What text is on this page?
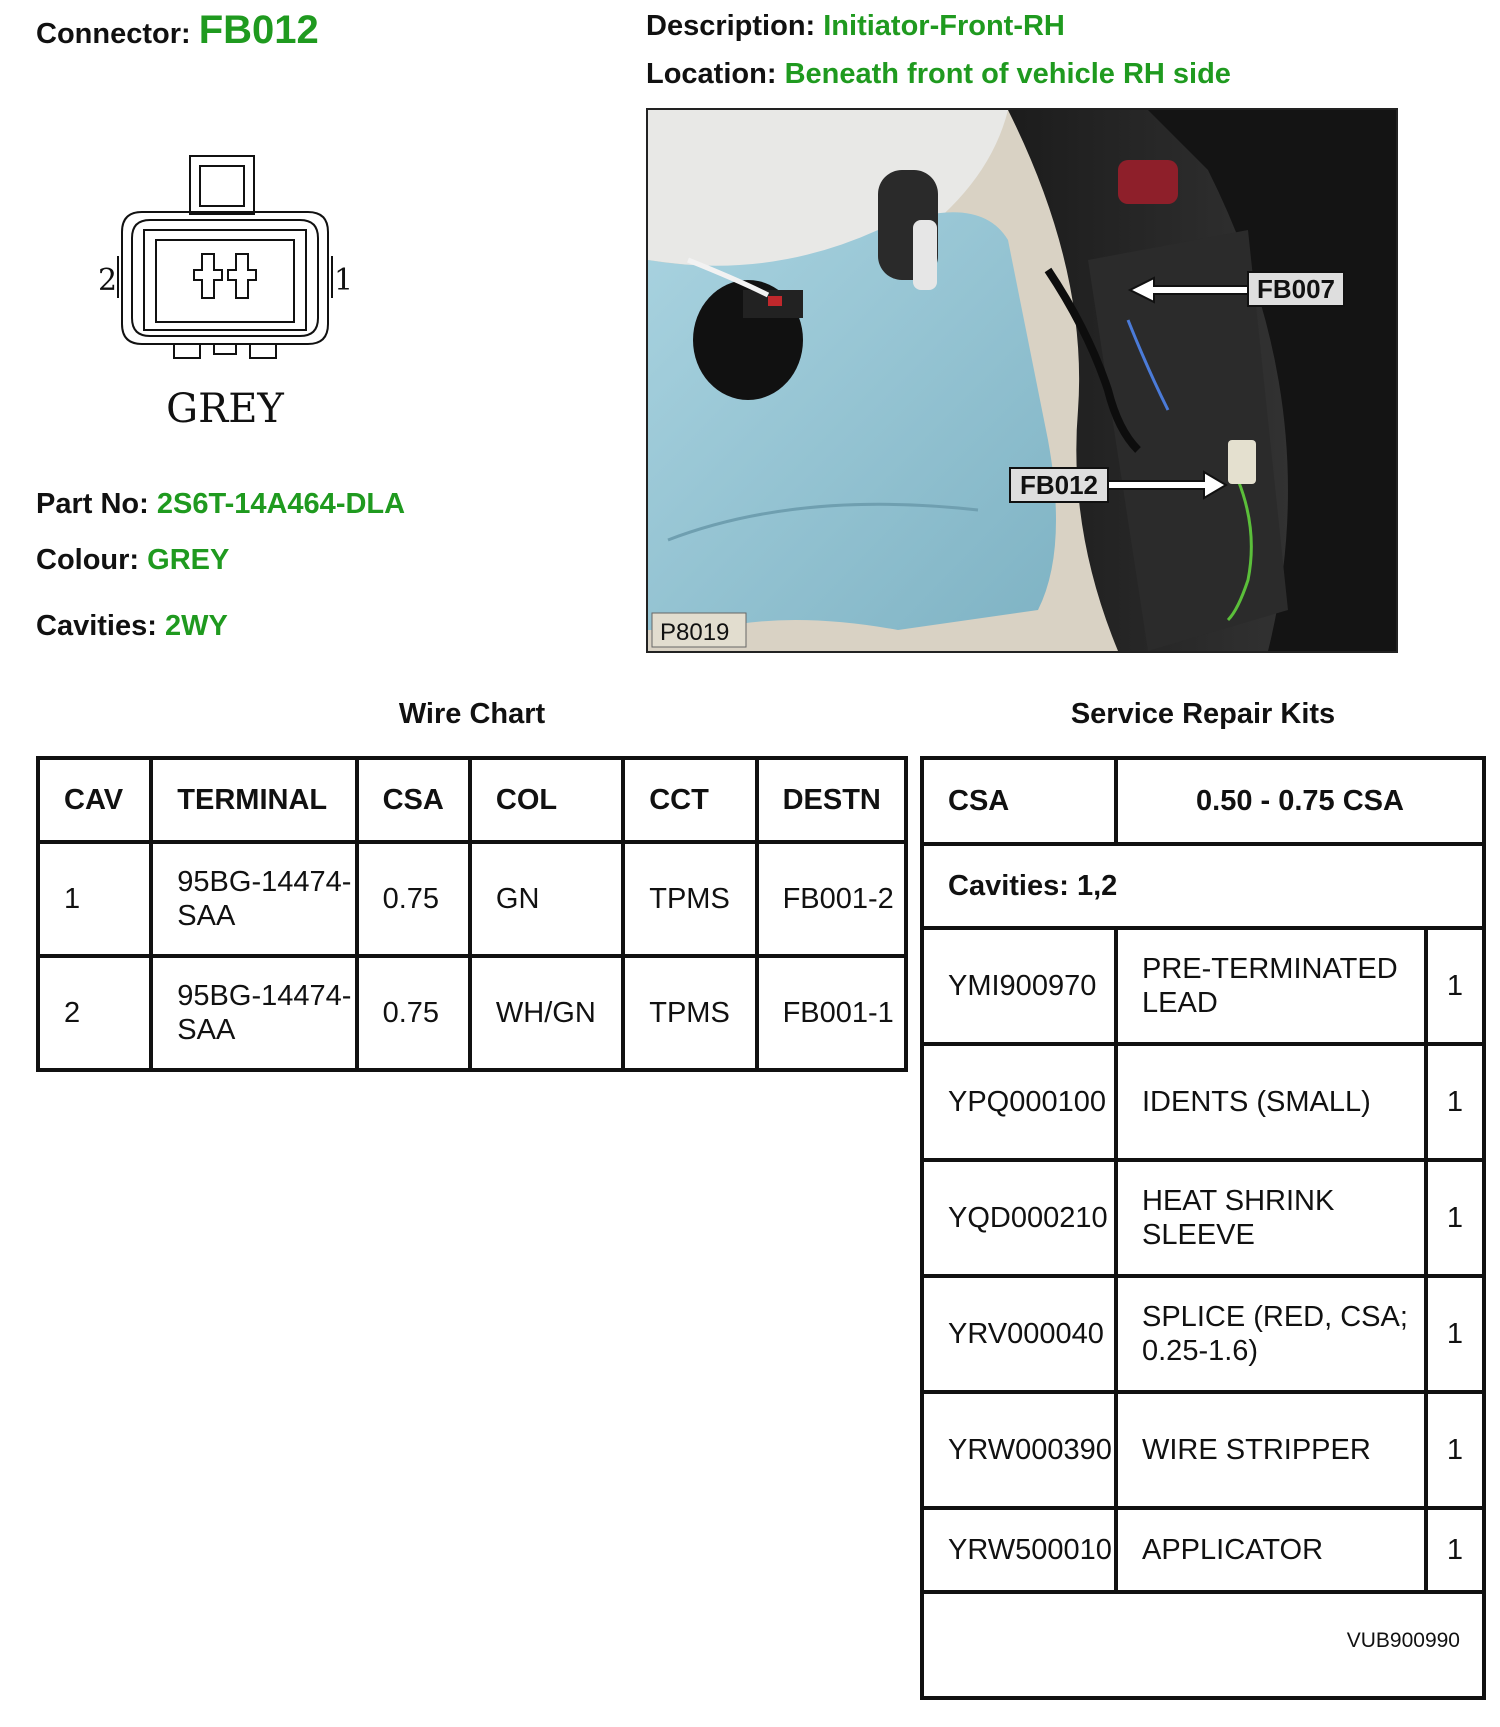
Connector: FB012	Description: Initiator-Front-RH
Location: Beneath front of vehicle RH side
2	1
GREY
Part No: 2S6T-14A464-DLA
Colour: GREY
Cavities: 2WY
FB007
FB012
P8019
Wire Chart	Service Repair Kits
CAV	TERMINAL	CSA	COL	CCT	DESTN
1	95BG-14474-SAA	0.75	GN	TPMS	FB001-2
2	95BG-14474-SAA	0.75	WH/GN	TPMS	FB001-1
CSA	0.50 - 0.75 CSA	
Cavities: 1,2		
YMI900970	PRE-TERMINATED LEAD	1
YPQ000100	IDENTS (SMALL)	1
YQD000210	HEAT SHRINK SLEEVE	1
YRV000040	SPLICE (RED, CSA; 0.25-1.6)	1
YRW000390	WIRE STRIPPER	1
YRW500010	APPLICATOR	1
VUB900990		
